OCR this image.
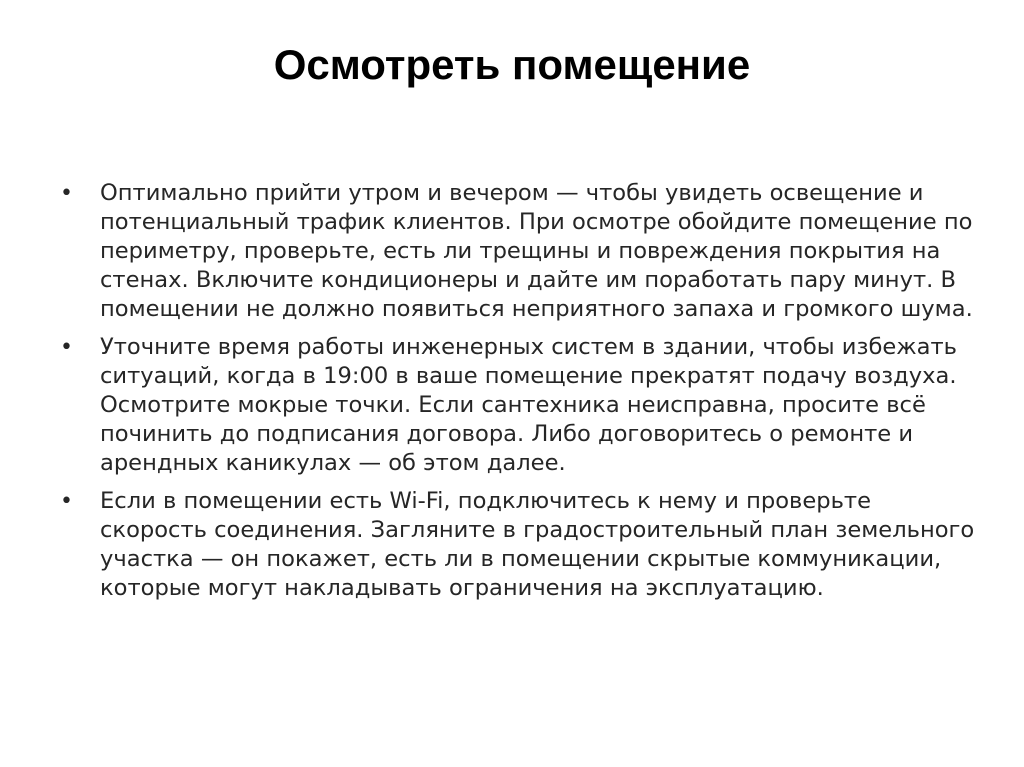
Осмотреть помещение
• Оптимально прийти утром и вечером — чтобы увидеть освещение и потенциальный трафик клиентов. При осмотре обойдите помещение по периметру, проверьте, есть ли трещины и повреждения покрытия на стенах. Включите кондиционеры и дайте им поработать пару минут. В помещении не должно появиться неприятного запаха и громкого шума.
• Уточните время работы инженерных систем в здании, чтобы избежать ситуаций, когда в 19:00 в ваше помещение прекратят подачу воздуха. Осмотрите мокрые точки. Если сантехника неисправна, просите всё починить до подписания договора. Либо договоритесь о ремонте и арендных каникулах — об этом далее.
• Если в помещении есть Wi-Fi, подключитесь к нему и проверьте скорость соединения. Загляните в градостроительный план земельного участка — он покажет, есть ли в помещении скрытые коммуникации, которые могут накладывать ограничения на эксплуатацию.
